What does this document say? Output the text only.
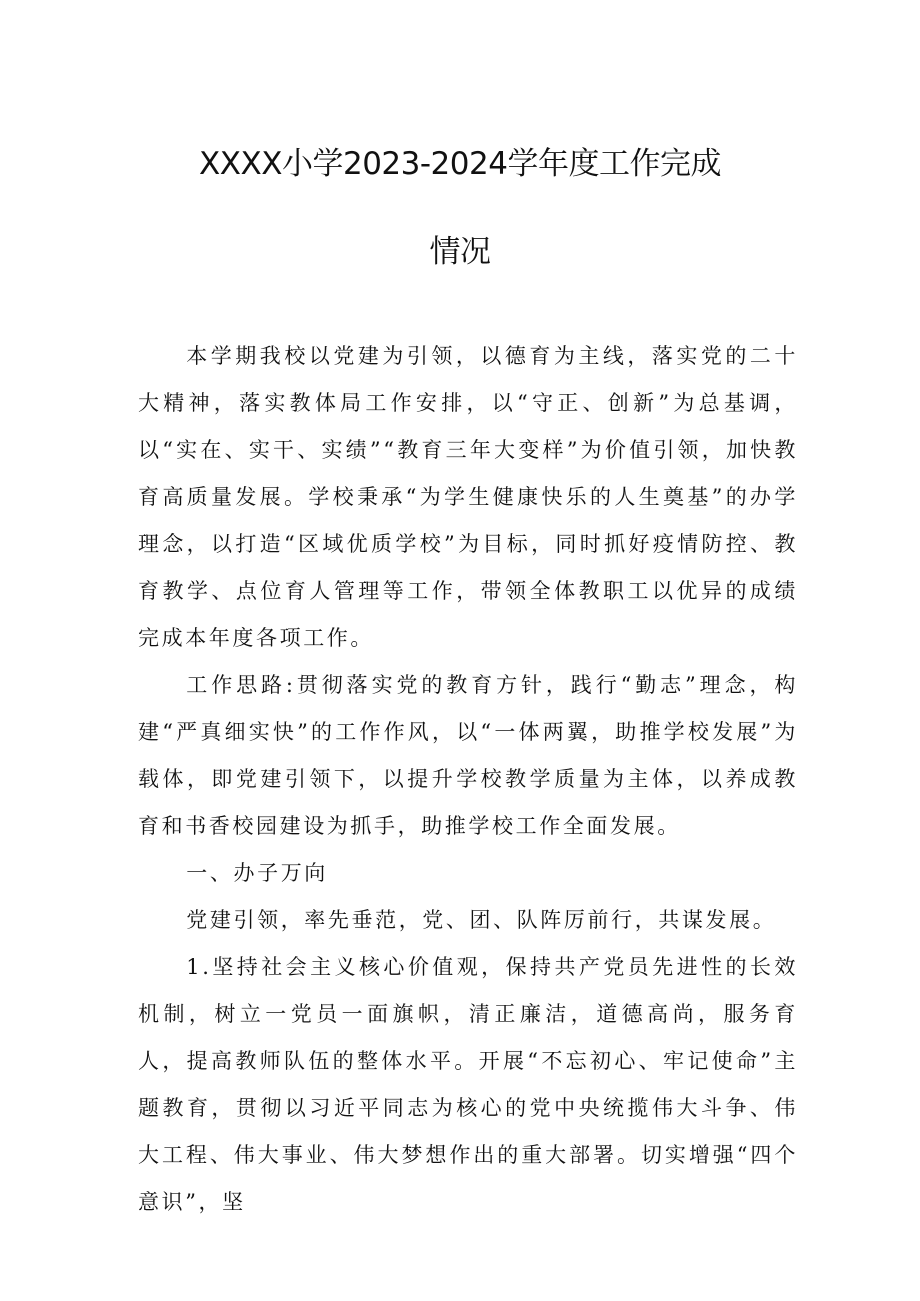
XXXX小学2023-2024学年度工作完成
情况

本学期我校以党建为引领，以德育为主线，落实党的二十大精神，落实教体局工作安排，以“守正、创新”为总基调，以“实在、实干、实绩”“教育三年大变样”为价值引领，加快教育高质量发展。学校秉承“为学生健康快乐的人生奠基”的办学理念，以打造“区域优质学校”为目标，同时抓好疫情防控、教育教学、点位育人管理等工作，带领全体教职工以优异的成绩完成本年度各项工作。

工作思路:贯彻落实党的教育方针，践行“勤志”理念，构建“严真细实快”的工作作风，以“一体两翼，助推学校发展”为载体，即党建引领下，以提升学校教学质量为主体，以养成教育和书香校园建设为抓手，助推学校工作全面发展。

一、办子万向

党建引领，率先垂范，党、团、队阵厉前行，共谋发展。

1.坚持社会主义核心价值观，保持共产党员先进性的长效机制，树立一党员一面旗帜，清正廉洁，道德高尚，服务育人，提高教师队伍的整体水平。开展“不忘初心、牢记使命”主题教育，贯彻以习近平同志为核心的党中央统揽伟大斗争、伟大工程、伟大事业、伟大梦想作出的重大部署。切实增强“四个意识”，坚
